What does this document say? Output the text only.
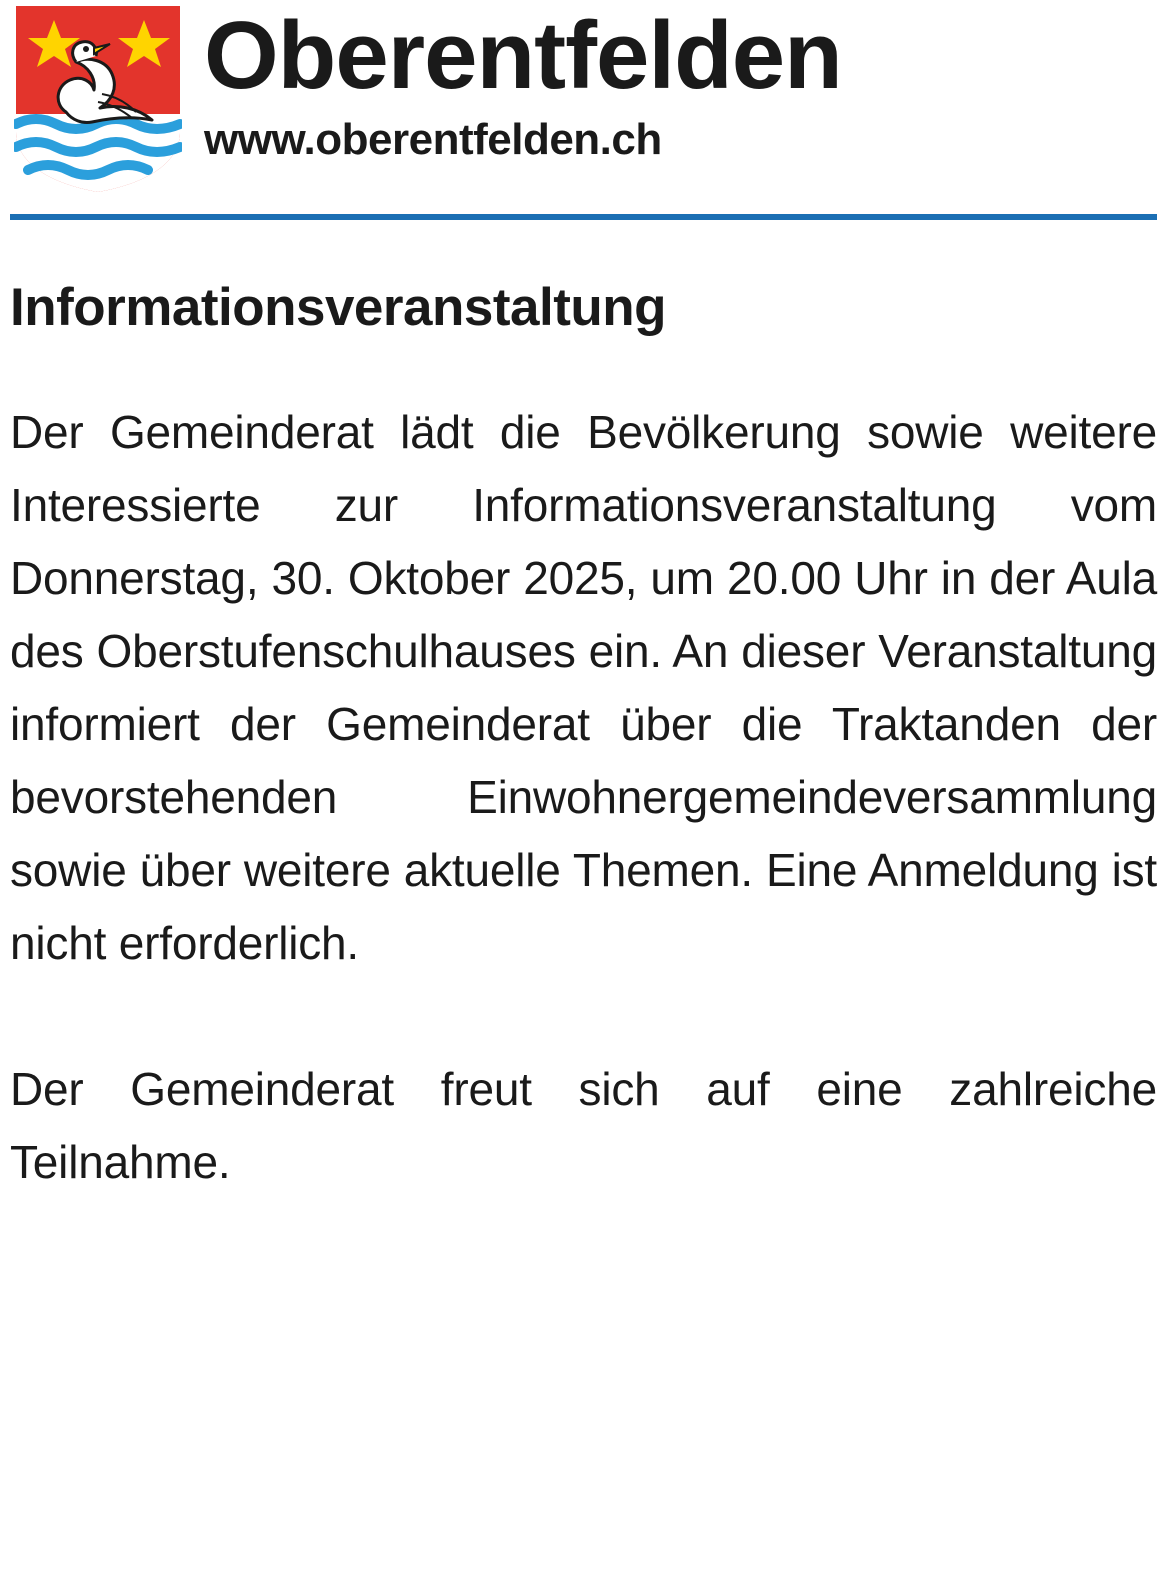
Oberentfelden
www.oberentfelden.ch
Informationsveranstaltung

Der Gemeinderat lädt die Bevölkerung sowie weitere Interessierte zur Informationsveranstaltung vom Donnerstag, 30. Oktober 2025, um 20.00 Uhr in der Aula des Oberstufenschulhauses ein. An dieser Veranstaltung informiert der Gemeinderat über die Traktanden der bevorstehenden Einwohnergemeindeversammlung sowie über weitere aktuelle Themen. Eine Anmeldung ist nicht erforderlich.

Der Gemeinderat freut sich auf eine zahlreiche Teilnahme.
